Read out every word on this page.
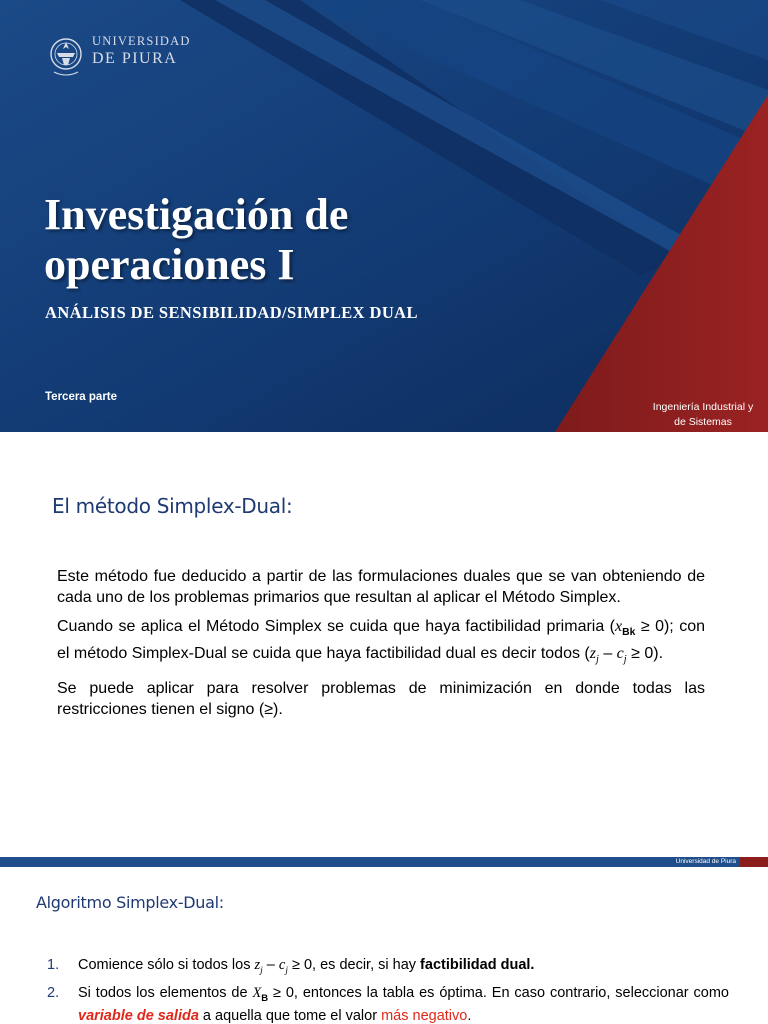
UNIVERSIDAD
DE PIURA
Investigación de
operaciones I
ANÁLISIS DE SENSIBILIDAD/SIMPLEX DUAL
Tercera parte
Ingeniería Industrial y
de Sistemas
El método Simplex-Dual:

Este método fue deducido a partir de las formulaciones duales que se van obteniendo de cada uno de los problemas primarios que resultan al aplicar el Método Simplex.

Cuando se aplica el Método Simplex se cuida que haya factibilidad primaria $(x_{Bk} \ge 0)$; con el método Simplex-Dual se cuida que haya factibilidad dual es decir todos $(z_j - c_j \ge 0)$.

Se puede aplicar para resolver problemas de minimización en donde todas las restricciones tienen el signo (≥).

Universidad de Piura
Algoritmo Simplex-Dual:
1. Comience sólo si todos los $z_j - c_j \ge 0$, es decir, si hay factibilidad dual.
2. Si todos los elementos de $X_B \ge 0$, entonces la tabla es óptima. En caso contrario, seleccionar como variable de salida a aquella que tome el valor más negativo.
